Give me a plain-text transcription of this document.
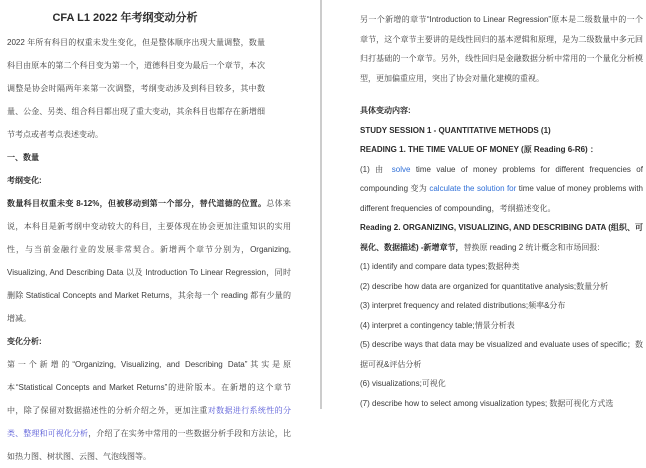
CFA L1 2022 年考纲变动分析

2022 年所有科目的权重未发生变化，但是整体顺序出现大量调整，数量科目由原本的第二个科目变为第一个，道德科目变为最后一个章节，本次调整是协会时隔两年来第一次调整，考纲变动涉及到科目较多，其中数量、公金、另类、组合科目都出现了重大变动，其余科目也都存在新增细节考点或者考点表述变动。

一、数量

考纲变化:

数量科目权重未变 8-12%，但被移动到第一个部分，替代道德的位置。总体来说，本科目是新考纲中变动较大的科目，主要体现在协会更加注重知识的实用性，与当前金融行业的发展非常契合。新增两个章节分别为，Organizing, Visualizing, And Describing Data 以及 Introduction To Linear Regression，同时删除 Statistical Concepts and Market Returns，其余每一个 reading 都有少量的增减。

变化分析:

第一个新增的“Organizing, Visualizing, and Describing Data”其实是原本“Statistical Concepts and Market Returns”的进阶版本。在新增的这个章节中，除了保留对数据描述性的分析介绍之外，更加注重对数据进行系统性的分类、整理和可视化分析，介绍了在实务中常用的一些数据分析手段和方法论，比如热力图、树状图、云图、气泡线图等。

另一个新增的章节“Introduction to Linear Regression”原本是二级数量中的一个章节，这个章节主要讲的是线性回归的基本逻辑和原理，是为二级数量中多元回归打基础的一个章节。另外，线性回归是金融数据分析中常用的一个量化分析模型，更加偏重应用，突出了协会对量化建模的重视。

具体变动内容:

STUDY SESSION 1 - QUANTITATIVE METHODS (1)

READING 1. THE TIME VALUE OF MONEY (原 Reading 6-R6) ：

(1) 由 solve time value of money problems for different frequencies of compounding 变为 calculate the solution for time value of money problems with different frequencies of compounding，考纲描述变化。

Reading 2. ORGANIZING, VISUALIZING, AND DESCRIBING DATA (组织、可视化、数据描述) -新增章节，替换原 reading 2 统计概念和市场回报:

(1) identify and compare data types;数据种类

(2) describe how data are organized for quantitative analysis;数量分析

(3) interpret frequency and related distributions;频率&分布

(4) interpret a contingency table;情景分析表

(5) describe ways that data may be visualized and evaluate uses of specific；数据可视&评估分析

(6) visualizations;可视化

(7) describe how to select among visualization types; 数据可视化方式选
